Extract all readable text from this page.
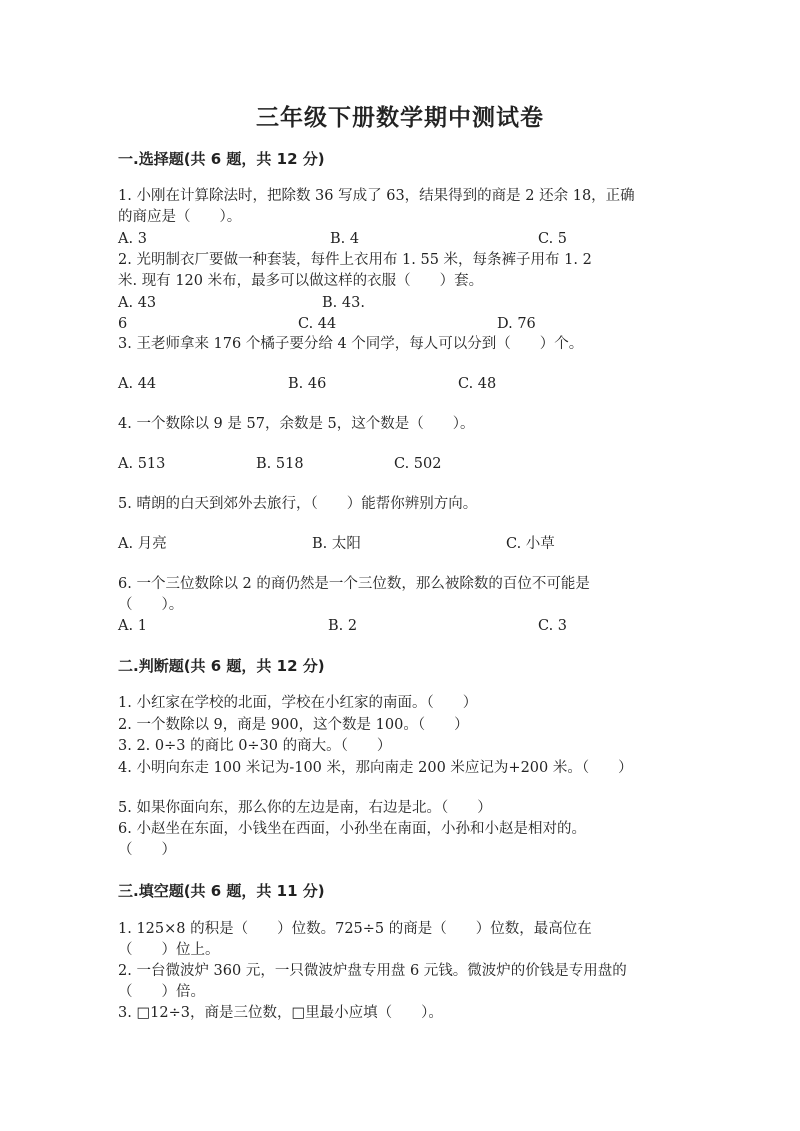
三年级下册数学期中测试卷
一.选择题(共 6 题，共 12 分)
1. 小刚在计算除法时，把除数 36 写成了 63，结果得到的商是 2 还余 18，正确
的商应是（　　）。
A. 3	B. 4	C. 5
2. 光明制衣厂要做一种套装，每件上衣用布 1. 55 米，每条裤子用布 1. 2
米. 现有 120 米布，最多可以做这样的衣服（　　）套。
A. 43	B. 43.
6	C. 44	D. 76
3. 王老师拿来 176 个橘子要分给 4 个同学，每人可以分到（　　）个。
A. 44	B. 46	C. 48
4. 一个数除以 9 是 57，余数是 5，这个数是（　　）。
A. 513	B. 518	C. 502
5. 晴朗的白天到郊外去旅行，（　　）能帮你辨别方向。
A. 月亮	B. 太阳	C. 小草
6. 一个三位数除以 2 的商仍然是一个三位数，那么被除数的百位不可能是
（　　）。
A. 1	B. 2	C. 3
二.判断题(共 6 题，共 12 分)
1. 小红家在学校的北面，学校在小红家的南面。（　　）
2. 一个数除以 9，商是 900，这个数是 100。（　　）
3. 2. 0÷3 的商比 0÷30 的商大。（　　）
4. 小明向东走 100 米记为-100 米，那向南走 200 米应记为+200 米。（　　）
5. 如果你面向东，那么你的左边是南，右边是北。（　　）
6. 小赵坐在东面，小钱坐在西面，小孙坐在南面，小孙和小赵是相对的。
（　　）
三.填空题(共 6 题，共 11 分)
1. 125×8 的积是（　　）位数。725÷5 的商是（　　）位数，最高位在
（　　）位上。
2. 一台微波炉 360 元，一只微波炉盘专用盘 6 元钱。微波炉的价钱是专用盘的
（　　）倍。
3. □12÷3，商是三位数，□里最小应填（　　）。
